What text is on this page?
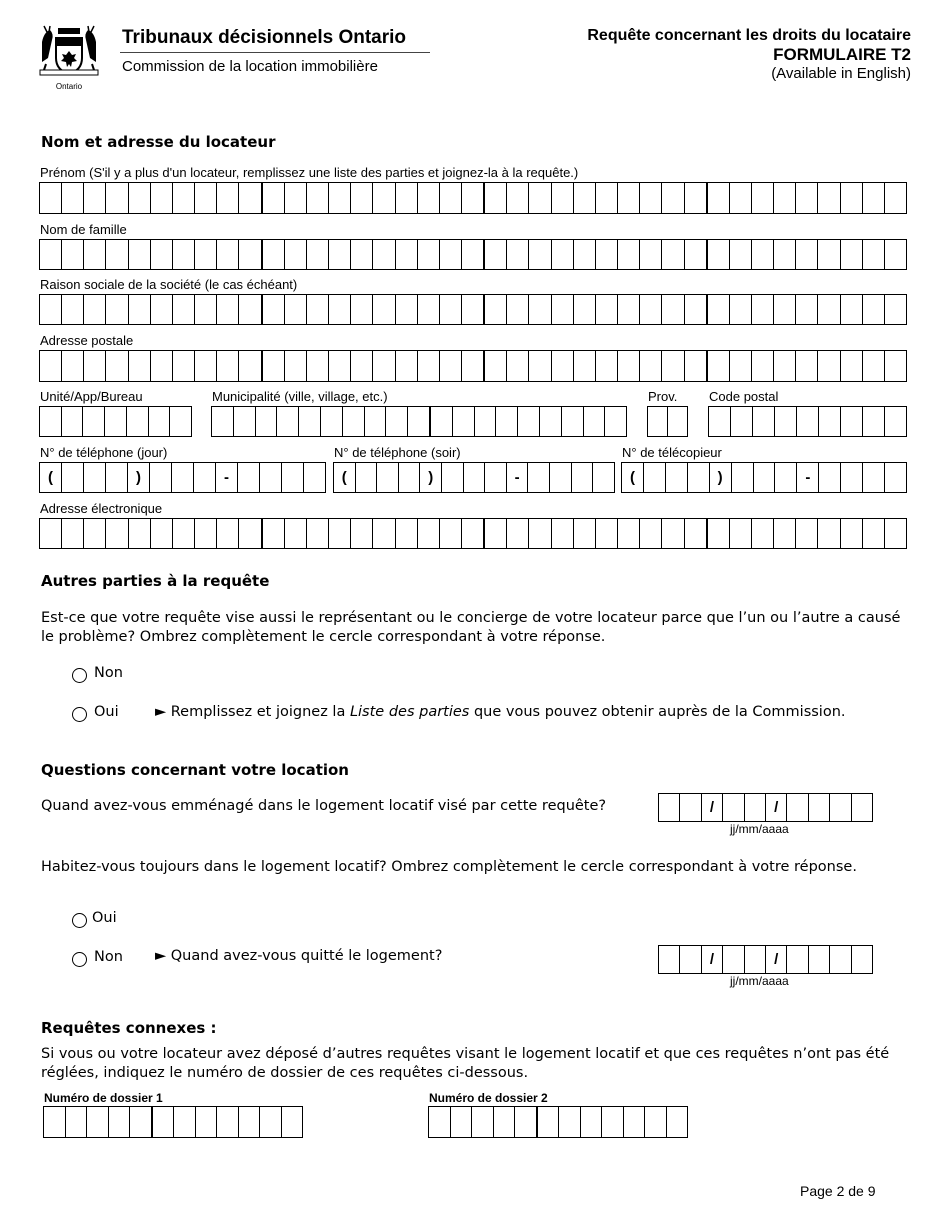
Ontario
Tribunaux décisionnels Ontario
Commission de la location immobilière
Requête concernant les droits du locataire
FORMULAIRE T2
(Available in English)
Nom et adresse du locateur
Prénom (S'il y a plus d'un locateur, remplissez une liste des parties et joignez-la à la requête.)
Nom de famille
Raison sociale de la société (le cas échéant)
Adresse postale
Unité/App/Bureau	Municipalité (ville, village, etc.)	Prov. Code postal
N° de téléphone (jour)
(	)	-
N° de téléphone (soir)
(	)	-
N° de télécopieur
(	)	-
Adresse électronique
Autres parties à la requête
Est-ce que votre requête vise aussi le représentant ou le concierge de votre locateur parce que l’un ou l’autre a causé le problème? Ombrez complètement le cercle correspondant à votre réponse.
Non
Oui	► Remplissez et joignez la Liste des parties que vous pouvez obtenir auprès de la Commission.
Questions concernant votre location
Quand avez-vous emménagé dans le logement locatif visé par cette requête?	/	/
jj/mm/aaaa
Habitez-vous toujours dans le logement locatif? Ombrez complètement le cercle correspondant à votre réponse.
Oui
Non ► Quand avez-vous quitté le logement?	/	/
jj/mm/aaaa
Requêtes connexes :
Si vous ou votre locateur avez déposé d’autres requêtes visant le logement locatif et que ces requêtes n’ont pas été réglées, indiquez le numéro de dossier de ces requêtes ci-dessous.
Numéro de dossier 1	Numéro de dossier 2
Page 2 de 9
